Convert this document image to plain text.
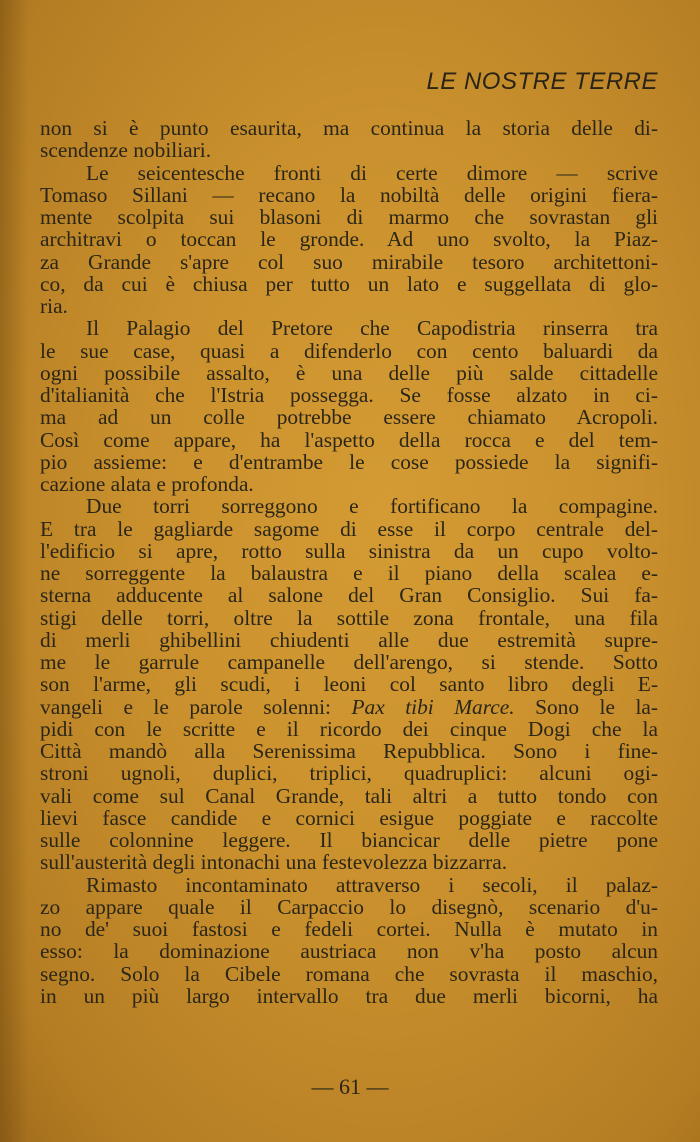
LE NOSTRE TERRE
non si è punto esaurita, ma continua la storia delle di-
scendenze nobiliari.
Le seicentesche fronti di certe dimore — scrive
Tomaso Sillani — recano la nobiltà delle origini fiera-
mente scolpita sui blasoni di marmo che sovrastan gli
architravi o toccan le gronde. Ad uno svolto, la Piaz-
za Grande s'apre col suo mirabile tesoro architettoni-
co, da cui è chiusa per tutto un lato e suggellata di glo-
ria.
Il Palagio del Pretore che Capodistria rinserra tra
le sue case, quasi a difenderlo con cento baluardi da
ogni possibile assalto, è una delle più salde cittadelle
d'italianità che l'Istria possegga. Se fosse alzato in ci-
ma ad un colle potrebbe essere chiamato Acropoli.
Così come appare, ha l'aspetto della rocca e del tem-
pio assieme: e d'entrambe le cose possiede la signifi-
cazione alata e profonda.
Due torri sorreggono e fortificano la compagine.
E tra le gagliarde sagome di esse il corpo centrale del-
l'edificio si apre, rotto sulla sinistra da un cupo volto-
ne sorreggente la balaustra e il piano della scalea e-
sterna adducente al salone del Gran Consiglio. Sui fa-
stigi delle torri, oltre la sottile zona frontale, una fila
di merli ghibellini chiudenti alle due estremità supre-
me le garrule campanelle dell'arengo, si stende. Sotto
son l'arme, gli scudi, i leoni col santo libro degli E-
vangeli e le parole solenni: Pax tibi Marce. Sono le la-
pidi con le scritte e il ricordo dei cinque Dogi che la
Città mandò alla Serenissima Repubblica. Sono i fine-
stroni ugnoli, duplici, triplici, quadruplici: alcuni ogi-
vali come sul Canal Grande, tali altri a tutto tondo con
lievi fasce candide e cornici esigue poggiate e raccolte
sulle colonnine leggere. Il biancicar delle pietre pone
sull'austerità degli intonachi una festevolezza bizzarra.
Rimasto incontaminato attraverso i secoli, il palaz-
zo appare quale il Carpaccio lo disegnò, scenario d'u-
no de' suoi fastosi e fedeli cortei. Nulla è mutato in
esso: la dominazione austriaca non v'ha posto alcun
segno. Solo la Cibele romana che sovrasta il maschio,
in un più largo intervallo tra due merli bicorni, ha
— 61 —
